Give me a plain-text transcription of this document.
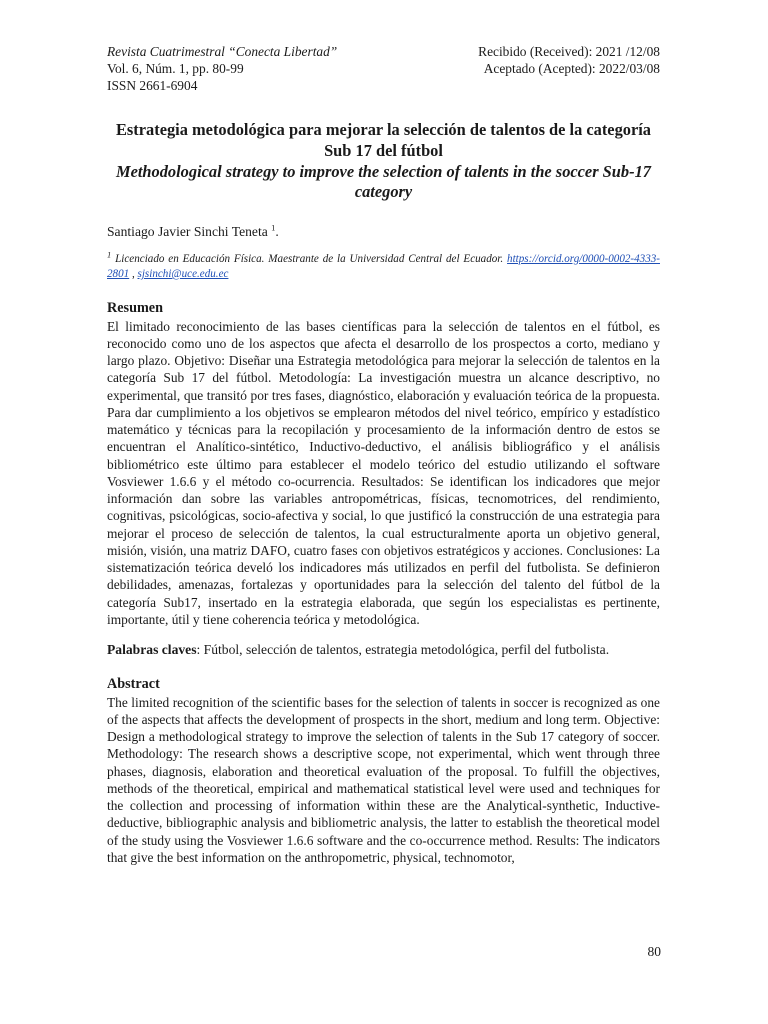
Revista Cuatrimestral “Conecta Libertad”
Vol. 6, Núm. 1, pp. 80-99
ISSN 2661-6904
Recibido (Received): 2021 /12/08
Aceptado (Acepted): 2022/03/08
Estrategia metodológica para mejorar la selección de talentos de la categoría Sub 17 del fútbol
Methodological strategy to improve the selection of talents in the soccer Sub-17 category
Santiago Javier Sinchi Teneta $^1$.
$^1$ Licenciado en Educación Física. Maestrante de la Universidad Central del Ecuador. https://orcid.org/0000-0002-4333-2801 , sjsinchi@uce.edu.ec
Resumen

El limitado reconocimiento de las bases científicas para la selección de talentos en el fútbol, es reconocido como uno de los aspectos que afecta el desarrollo de los prospectos a corto, mediano y largo plazo. Objetivo: Diseñar una Estrategia metodológica para mejorar la selección de talentos en la categoría Sub 17 del fútbol. Metodología: La investigación muestra un alcance descriptivo, no experimental, que transitó por tres fases, diagnóstico, elaboración y evaluación teórica de la propuesta. Para dar cumplimiento a los objetivos se emplearon métodos del nivel teórico, empírico y estadístico matemático y técnicas para la recopilación y procesamiento de la información dentro de estos se encuentran el Analítico-sintético, Inductivo-deductivo, el análisis bibliográfico y el análisis bibliométrico este último para establecer el modelo teórico del estudio utilizando el software Vosviewer 1.6.6 y el método co-ocurrencia. Resultados: Se identifican los indicadores que mejor información dan sobre las variables antropométricas, físicas, tecnomotrices, del rendimiento, cognitivas, psicológicas, socio-afectiva y social, lo que justificó la construcción de una estrategia para mejorar el proceso de selección de talentos, la cual estructuralmente aporta un objetivo general, misión, visión, una matriz DAFO, cuatro fases con objetivos estratégicos y acciones. Conclusiones: La sistematización teórica develó los indicadores más utilizados en perfil del futbolista. Se definieron debilidades, amenazas, fortalezas y oportunidades para la selección del talento del fútbol de la categoría Sub17, insertado en la estrategia elaborada, que según los especialistas es pertinente, importante, útil y tiene coherencia teórica y metodológica.

Palabras claves: Fútbol, selección de talentos, estrategia metodológica, perfil del futbolista.
Abstract

The limited recognition of the scientific bases for the selection of talents in soccer is recognized as one of the aspects that affects the development of prospects in the short, medium and long term. Objective: Design a methodological strategy to improve the selection of talents in the Sub 17 category of soccer. Methodology: The research shows a descriptive scope, not experimental, which went through three phases, diagnosis, elaboration and theoretical evaluation of the proposal. To fulfill the objectives, methods of the theoretical, empirical and mathematical statistical level were used and techniques for the collection and processing of information within these are the Analytical-synthetic, Inductive-deductive, bibliographic analysis and bibliometric analysis, the latter to establish the theoretical model of the study using the Vosviewer 1.6.6 software and the co-occurrence method. Results: The indicators that give the best information on the anthropometric, physical, technomotor,

80
